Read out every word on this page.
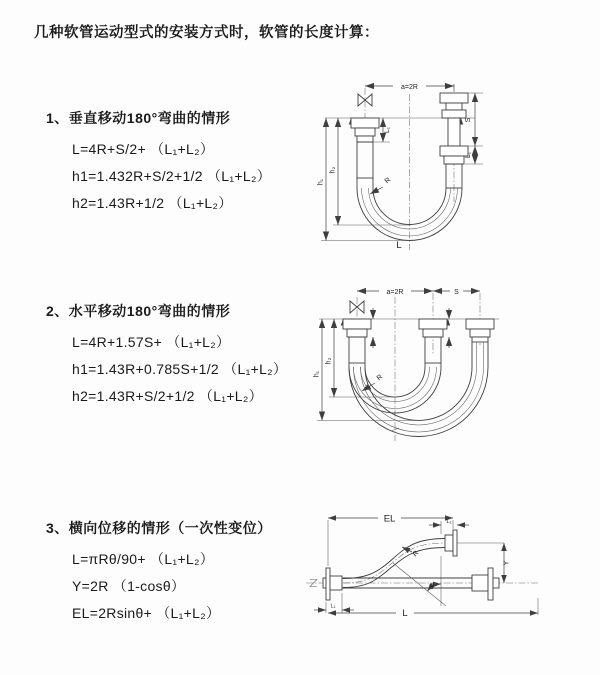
几种软管运动型式的安装方式时，软管的长度计算：
1、垂直移动180°弯曲的情形
L=4R+S/2+ （L₁+L₂）
h1=1.432R+S/2+1/2 （L₁+L₂）
h2=1.43R+1/2 （L₁+L₂）
2、水平移动180°弯曲的情形
L=4R+1.57S+ （L₁+L₂）
h1=1.43R+0.785S+1/2 （L₁+L₂）
h2=1.43R+S/2+1/2 （L₁+L₂）
3、横向位移的情形（一次性变位）
L=πRθ/90+ （L₁+L₂）
Y=2R （1-cosθ）
EL=2Rsinθ+ （L₁+L₂）
a=2R
L₁
S
L₁
h₁
h₂
R
L
a=2R	S
h₁
h₂
R
EL	L₁
L₁
Y
θ
R
L
